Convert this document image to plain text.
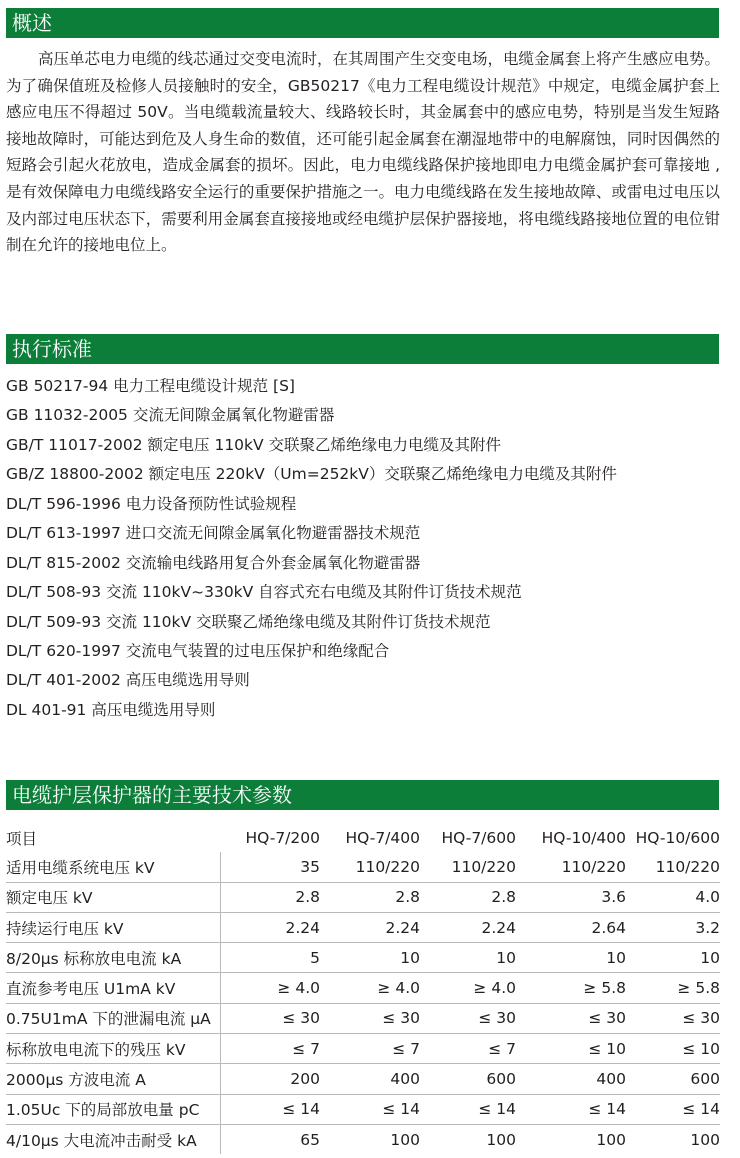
概述

高压单芯电力电缆的线芯通过交变电流时，在其周围产生交变电场，电缆金属套上将产生感应电势。为了确保值班及检修人员接触时的安全，GB50217《电力工程电缆设计规范》中规定，电缆金属护套上感应电压不得超过 50V。当电缆载流量较大、线路较长时，其金属套中的感应电势，特别是当发生短路接地故障时，可能达到危及人身生命的数值，还可能引起金属套在潮湿地带中的电解腐蚀，同时因偶然的短路会引起火花放电，造成金属套的损坏。因此，电力电缆线路保护接地即电力电缆金属护套可靠接地 ,是有效保障电力电缆线路安全运行的重要保护措施之一。电力电缆线路在发生接地故障、或雷电过电压以及内部过电压状态下，需要利用金属套直接接地或经电缆护层保护器接地，将电缆线路接地位置的电位钳制在允许的接地电位上。

执行标准
GB 50217-94 电力工程电缆设计规范 [S]
GB 11032-2005 交流无间隙金属氧化物避雷器
GB/T 11017-2002 额定电压 110kV 交联聚乙烯绝缘电力电缆及其附件
GB/Z 18800-2002 额定电压 220kV（Um=252kV）交联聚乙烯绝缘电力电缆及其附件
DL/T 596-1996 电力设备预防性试验规程
DL/T 613-1997 进口交流无间隙金属氧化物避雷器技术规范
DL/T 815-2002 交流输电线路用复合外套金属氧化物避雷器
DL/T 508-93 交流 110kV~330kV 自容式充右电缆及其附件订货技术规范
DL/T 509-93 交流 110kV 交联聚乙烯绝缘电缆及其附件订货技术规范
DL/T 620-1997 交流电气装置的过电压保护和绝缘配合
DL/T 401-2002 高压电缆选用导则
DL 401-91 高压电缆选用导则
电缆护层保护器的主要技术参数
项目	HQ-7/200	HQ-7/400	HQ-7/600	HQ-10/400	HQ-10/600
适用电缆系统电压 kV	35	110/220	110/220	110/220	110/220
额定电压 kV	2.8	2.8	2.8	3.6	4.0
持续运行电压 kV	2.24	2.24	2.24	2.64	3.2
8/20μs 标称放电电流 kA	5	10	10	10	10
直流参考电压 U1mA kV	≥ 4.0	≥ 4.0	≥ 4.0	≥ 5.8	≥ 5.8
0.75U1mA 下的泄漏电流 μA	≤ 30	≤ 30	≤ 30	≤ 30	≤ 30
标称放电电流下的残压 kV	≤ 7	≤ 7	≤ 7	≤ 10	≤ 10
2000μs 方波电流 A	200	400	600	400	600
1.05Uc 下的局部放电量 pC	≤ 14	≤ 14	≤ 14	≤ 14	≤ 14
4/10μs 大电流冲击耐受 kA	65	100	100	100	100
